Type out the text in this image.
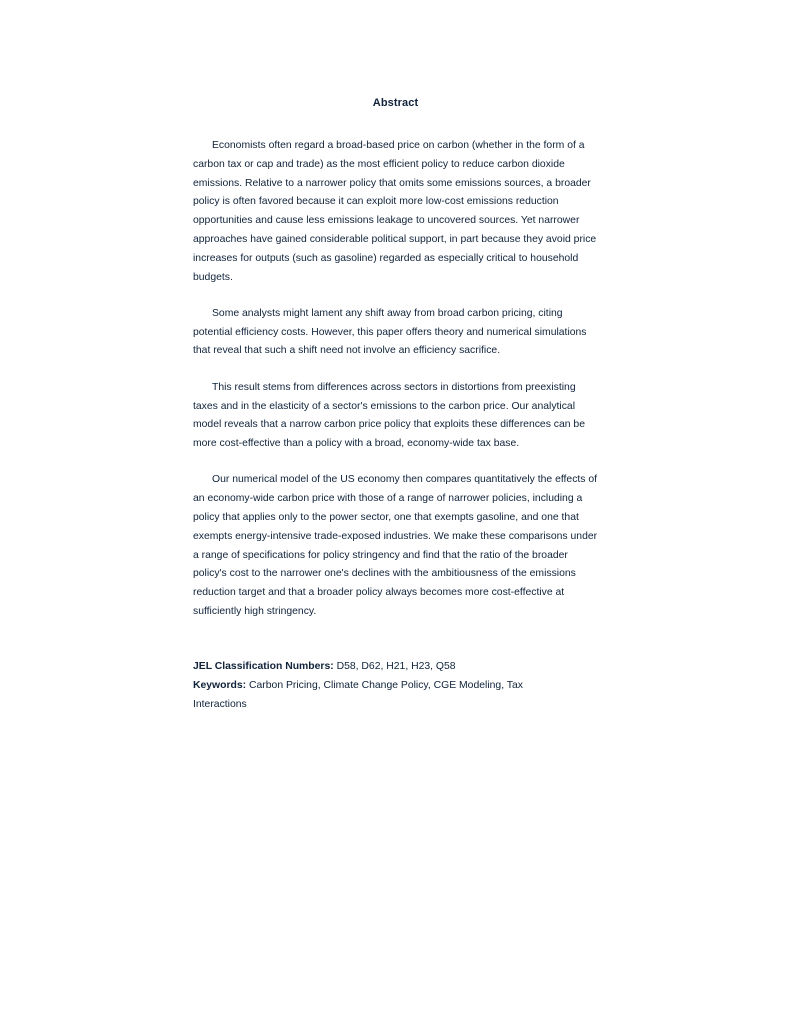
Abstract

Economists often regard a broad-based price on carbon (whether in the form of a carbon tax or cap and trade) as the most efficient policy to reduce carbon dioxide emissions. Relative to a narrower policy that omits some emissions sources, a broader policy is often favored because it can exploit more low-cost emissions reduction opportunities and cause less emissions leakage to uncovered sources. Yet narrower approaches have gained considerable political support, in part because they avoid price increases for outputs (such as gasoline) regarded as especially critical to household budgets.

Some analysts might lament any shift away from broad carbon pricing, citing potential efficiency costs. However, this paper offers theory and numerical simulations that reveal that such a shift need not involve an efficiency sacrifice.

This result stems from differences across sectors in distortions from preexisting taxes and in the elasticity of a sector's emissions to the carbon price. Our analytical model reveals that a narrow carbon price policy that exploits these differences can be more cost-effective than a policy with a broad, economy-wide tax base.

Our numerical model of the US economy then compares quantitatively the effects of an economy-wide carbon price with those of a range of narrower policies, including a policy that applies only to the power sector, one that exempts gasoline, and one that exempts energy-intensive trade-exposed industries. We make these comparisons under a range of specifications for policy stringency and find that the ratio of the broader policy's cost to the narrower one's declines with the ambitiousness of the emissions reduction target and that a broader policy always becomes more cost-effective at sufficiently high stringency.

JEL Classification Numbers: D58, D62, H21, H23, Q58
Keywords: Carbon Pricing, Climate Change Policy, CGE Modeling, Tax Interactions
